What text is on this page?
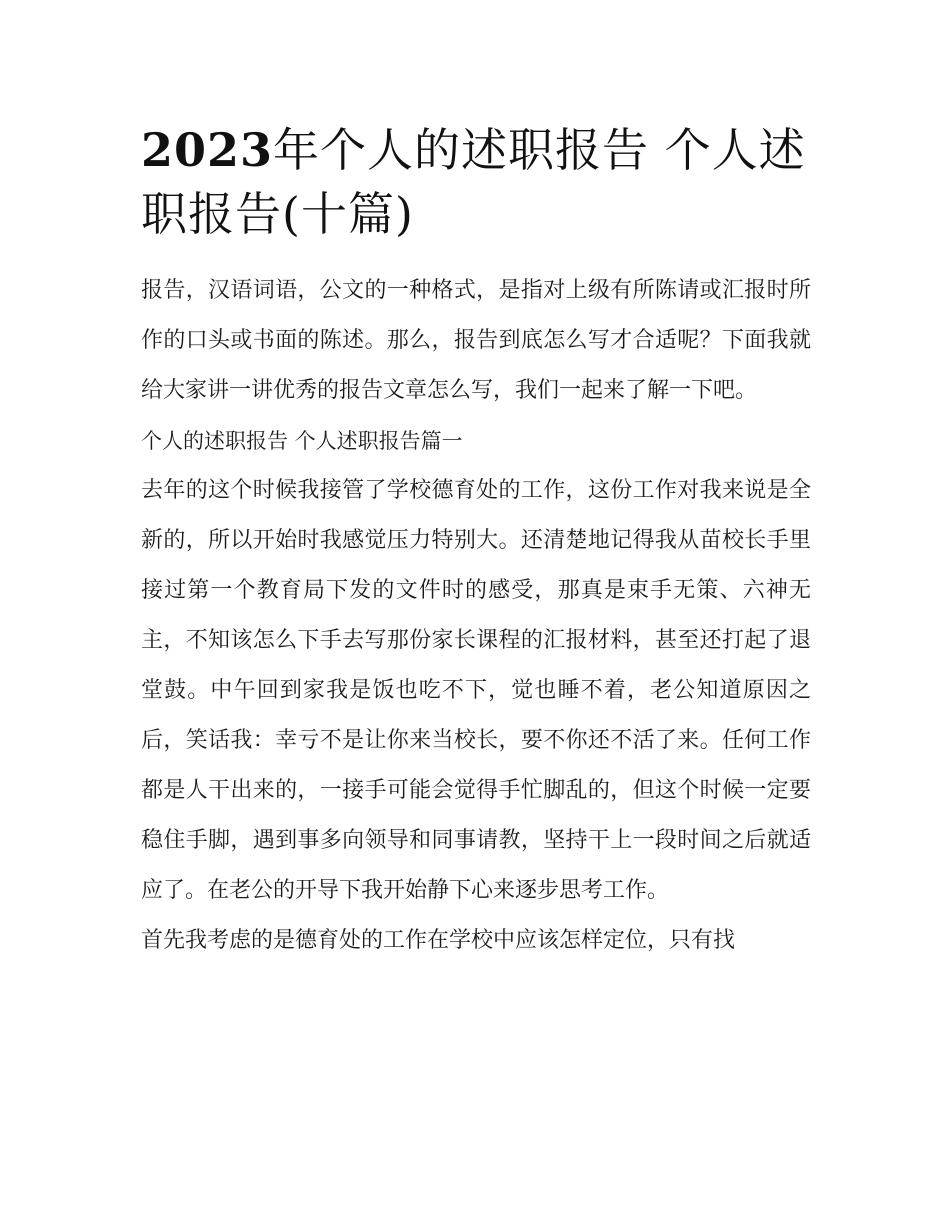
2023年个人的述职报告 个人述职报告(十篇)

报告，汉语词语，公文的一种格式，是指对上级有所陈请或汇报时所作的口头或书面的陈述。那么，报告到底怎么写才合适呢？下面我就给大家讲一讲优秀的报告文章怎么写，我们一起来了解一下吧。

个人的述职报告 个人述职报告篇一

去年的这个时候我接管了学校德育处的工作，这份工作对我来说是全新的，所以开始时我感觉压力特别大。还清楚地记得我从苗校长手里接过第一个教育局下发的文件时的感受，那真是束手无策、六神无主，不知该怎么下手去写那份家长课程的汇报材料，甚至还打起了退堂鼓。中午回到家我是饭也吃不下，觉也睡不着，老公知道原因之后，笑话我：幸亏不是让你来当校长，要不你还不活了来。任何工作都是人干出来的，一接手可能会觉得手忙脚乱的，但这个时候一定要稳住手脚，遇到事多向领导和同事请教，坚持干上一段时间之后就适应了。在老公的开导下我开始静下心来逐步思考工作。

首先我考虑的是德育处的工作在学校中应该怎样定位，只有找
